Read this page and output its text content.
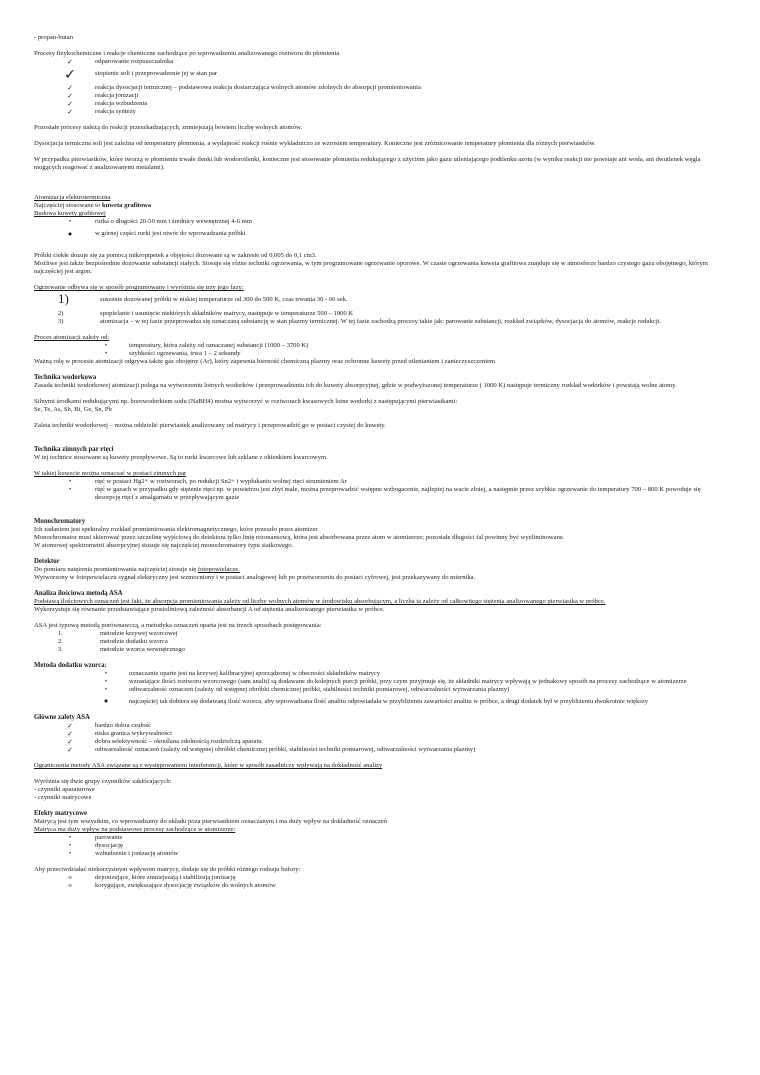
- propan-butan

Procesy fizykochemiczne i reakcje chemiczne zachodzące po wprowadzeniu analizowanego roztworu do płomienia

✓	odparowanie rozpuszczalnika
✓	stopienie soli i przeprowadzenie jej w stan par
✓	reakcja dysocjacji termicznej – podstawowa reakcja dostarczająca wolnych atomów zdolnych do absorpcji promieniowania
✓	reakcja jonizacji
✓	reakcja wzbudzenia
✓	reakcja syntezy

Pozostałe procesy należą do reakcji przeszkadzających, zmniejszają bowiem liczbę wolnych atomów.

Dysocjacja termiczna soli jest zależna od temperatury płomienia, a wydajność reakcji rośnie wykładniczo ze wzrostem temperatury. Konieczne jest zróżnicowanie temperatury płomienia dla różnych pierwiastków.

W przypadku pierwiastków, które tworzą w płomieniu trwałe tlenki lub wodorotlenki, konieczne jest stosowanie płomienia redukującego z użyciem jako gazu utleniającego podtlenku azotu (w wyniku reakcji nie powstaje ani woda, ani dwutlenek węgla mogących reagować z analizowanymi metalami).

Atomizacja elektrotermiczna

Najczęściej stosowane to kuweta grafitowa

Budowa kuwety grafitowej

•	rurka o długości 20-50 mm i średnicy wewnętrznej 4-6 mm
•	w górnej części rurki jest otwór do wprowadzania próbki

Próbki ciekłe dozuje się za pomocą mikropipetek a objętości dozowane są w zakresie od 0,005 do 0,1 cm3.

Możliwe jest także bezpośrednie dozowanie substancji stałych. Stosuje się różne techniki ogrzewania, w tym programowane ogrzewanie oporowe. W czasie ogrzewania kuweta grafitowa znajduje się w atmosferze bardzo czystego gazu obojętnego, którym najczęściej jest argon.

Ogrzewanie odbywa się w sposób programowany i wyróżnia się trzy jego fazy:

1)	suszenie dozowanej próbki w niskiej temperaturze od 300 do 500 K, czas trwania 30 - 60 sek.
2)	spopielanie i usunięcie niektórych składników matrycy, następuje w temperaturze 500 – 1000 K
3)	atomizacja – w tej fazie przeprowadza się oznaczaną substancję w stan plazmy termicznej. W tej fazie zachodzą procesy takie jak: parowanie substancji, rozkład związków, dysocjacja do atomów, reakcje redukcji.

Proces atomizacji zależy od:

•	temperatury, która zależy od oznaczanej substancji (1000 – 3700 K)
•	szybkości ogrzewania, trwa 1 – 2 sekundy

Ważną rolę w procesie atomizacji odgrywa także gaz obojętny (Ar), który zapewnia bierność chemiczną plazmy oraz ochronne kuwety przed utlenianiem i zanieczyszczeniem

Technika wodorkowa

Zasada techniki wodorkowej atomizacji polega na wytworzeniu lotnych wodorków i przeprowadzeniu ich do kuwety absorpcyjnej, gdzie w podwyższonej temperaturze ( 1000 K) następuje termiczny rozkład wodorków i powstają wolne atomy.

Silnymi środkami redukującymi np. borowodorkiem sodu (NaBH4) można wytworzyć w roztworach kwasowych lotne wodorki z następującymi pierwiastkami:

Se, Te, As, Sb, Bi, Ge, Sn, Pb

Zaleta techniki wodorkowej – można oddzielić pierwiastek analizowany od matrycy i przeprowadzić go w postaci czystej do kuwety.

Technika zimnych par rtęci

W tej technice stosowane są kuwety przepływowe. Są to rurki kwarcowe lub szklane z okienkiem kwarcowym.

W takiej kuwecie można oznaczać w postaci zimnych par

•	rtęć w postaci Hg2+ w roztworach, po redukcji Sn2+ i wypłukaniu wolnej rtęci strumieniem Ar
•	rtęć w gazach w przypadku gdy stężenie rtęci np. w powietrzu jest zbyt małe, można przeprowadzić wstępne wzbogacenie, najlepiej na wacie złotej, a następnie przez szybkie ogrzewanie do temperatury 700 – 800 K powoduje się desorpcję rtęci z amalgamatu w przepływającym gazie
Monochromatory

Ich zadaniem jest spektralny rozkład promieniowania elektromagnetycznego, które przeszło przez atomizer

Monochromator musi skierować przez szczelinę wyjściową do detektora tylko linię rezonansową, która jest absorbowana przez atom w atomizerze; pozostałe długości fal powinny być wyeliminowane.

W atomowej spektrometrii absorpcyjnej stosuje się najczęściej monochromatory typu siatkowego.

Detektor

Do pomiaru natężenia promieniowania najczęściej stosuje się fotopowielacze.

Wytworzony w fotopowielaczu sygnał elektryczny jest wzmocniony i w postaci analogowej lub po przetworzeniu do postaci cyfrowej, jest przekazywany do miernika.

Analiza ilościowa metodą ASA

Podstawą ilościowych oznaczeń jest fakt, że absorpcja promieniowania zależy od liczby wolnych atomów w środowisku absorbującym, a liczba ta zależy od całkowitego stężenia analizowanego pierwiastka w próbce.

Wykorzystuje się równanie przedstawiające prostoliniową zależność absorbancji A od stężenia analizowanego pierwiastka w próbce.

ASA jest typową metodą porównawczą, a metodyka oznaczeń oparta jest na trzech sposobach postępowania:

1.	metodzie krzywej wzorcowej
2.	metodzie dodatku wzorca
3.	metodzie wzorca wewnętrznego
Metoda dodatku wzorca:
•	oznaczanie oparte jest na krzywej kalibracyjnej sporządzonej w obecności składników matrycy
•	wzrastające ilości roztworu wzorcowego (sam analit) są dodawane do kolejnych porcji próbki, przy czym przyjmuje się, że składniki matrycy wpływają w jednakowy sposób na procesy zachodzące w atomizerze
•	odtwarzalność oznaczeń (zależy od wstępnej obróbki chemicznej próbki, stabilności techniki pomiarowej, odtwarzalności wytwarzania plazmy)
•	najczęściej tak dobiera się dodawaną ilość wzorca, aby wprowadzana ilość analitu odpowiadała w przybliżeniu zawartości analitu w próbce, a drugi dodatek był w przybliżeniu dwukrotnie większy
Główne zalety ASA
✓	bardzo dobra czułość
✓	niska granica wykrywalności
✓	dobra selektywność – określana zdolnością rozdzielczą aparatu
✓	odtwarzalność oznaczeń (zależy od wstępnej obróbki chemicznej próbki, stabilności techniki pomiarowej, odtwarzalności wytwarzania plazmy)

Ograniczenia metody ASA związane są z występowaniem interferencji, które w sposób zasadniczy wpływają na dokładność analizy

Wyróżnia się dwie grupy czynników zakłócających:

- czynniki aparaturowe

- czynniki matrycowe

Efekty matrycowe

Matrycą jest tym wszystkim, co wprowadzamy do układu poza pierwiastkiem oznaczanym i ma duży wpływ na dokładność oznaczeń

Matryca ma duży wpływ na podstawowe procesy zachodzące w atomizerze:

•	parowanie
•	dysocjację
•	wzbudzenie i jonizację atomów

Aby przeciwdziałać niekorzystnym wpływom matrycy, dodaje się do próbki różnego rodzaju bufory:

o	dejonizujące, które zmniejszają i stabilizują jonizację
o	korygujące, zwiększające dysocjację związków do wolnych atomów
